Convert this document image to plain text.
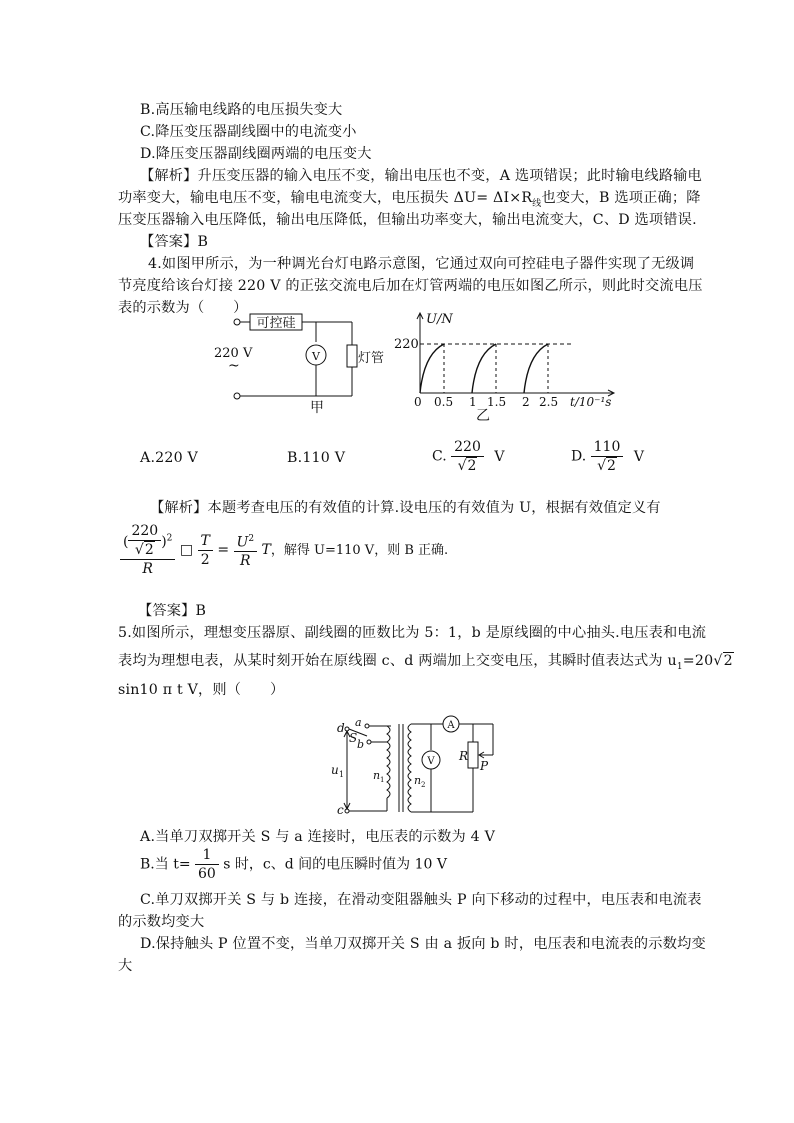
B.高压输电线路的电压损失变大
C.降压变压器副线圈中的电流变小
D.降压变压器副线圈两端的电压变大
【解析】升压变压器的输入电压不变，输出电压也不变，A 选项错误；此时输电线路输电
功率变大，输电电压不变，输电电流变大，电压损失 $\Delta U= \Delta I\times R_线$也变大，B 选项正确；降
压变压器输入电压降低，输出电压降低，但输出功率变大，输出电流变大，C、D 选项错误.
【答案】B
4.如图甲所示，为一种调光台灯电路示意图，它通过双向可控硅电子器件实现了无级调
节亮度给该台灯接 220 V 的正弦交流电后加在灯管两端的电压如图乙所示，则此时交流电压
表的示数为（　　）
可控硅
V	灯管
220 V
~
甲
U/N
220
0 0.5 1 1.5 2 2.5 t/10⁻¹s
乙
A.220 V	B.110 V	C. $\frac{220}{√2}$ V	D. $\frac{110}{√2}$ V
【解析】本题考查电压的有效值的计算.设电压的有效值为 U，根据有效值定义有
$\frac{( \frac{220}{√2} )^2}{R}$ □ $\frac{T}{2} = \frac{U^2}{R}$ T，解得 U=110 V，则 B 正确.
【答案】B
5.如图所示，理想变压器原、副线圈的匝数比为 5：1，b 是原线圈的中心抽头.电压表和电流
表均为理想电表，从某时刻开始在原线圈 c、d 两端加上交变电压，其瞬时值表达式为 $u_1=20√2$
sin10 π t V，则（　　）
d
u 1
c
a
S b
n 1	n 2
A
V R
P
A.当单刀双掷开关 S 与 a 连接时，电压表的示数为 4 V
B.当 $t= \frac{1}{60}$ s 时，c、d 间的电压瞬时值为 10 V
C.单刀双掷开关 S 与 b 连接，在滑动变阻器触头 P 向下移动的过程中，电压表和电流表
的示数均变大
D.保持触头 P 位置不变，当单刀双掷开关 S 由 a 扳向 b 时，电压表和电流表的示数均变
大
